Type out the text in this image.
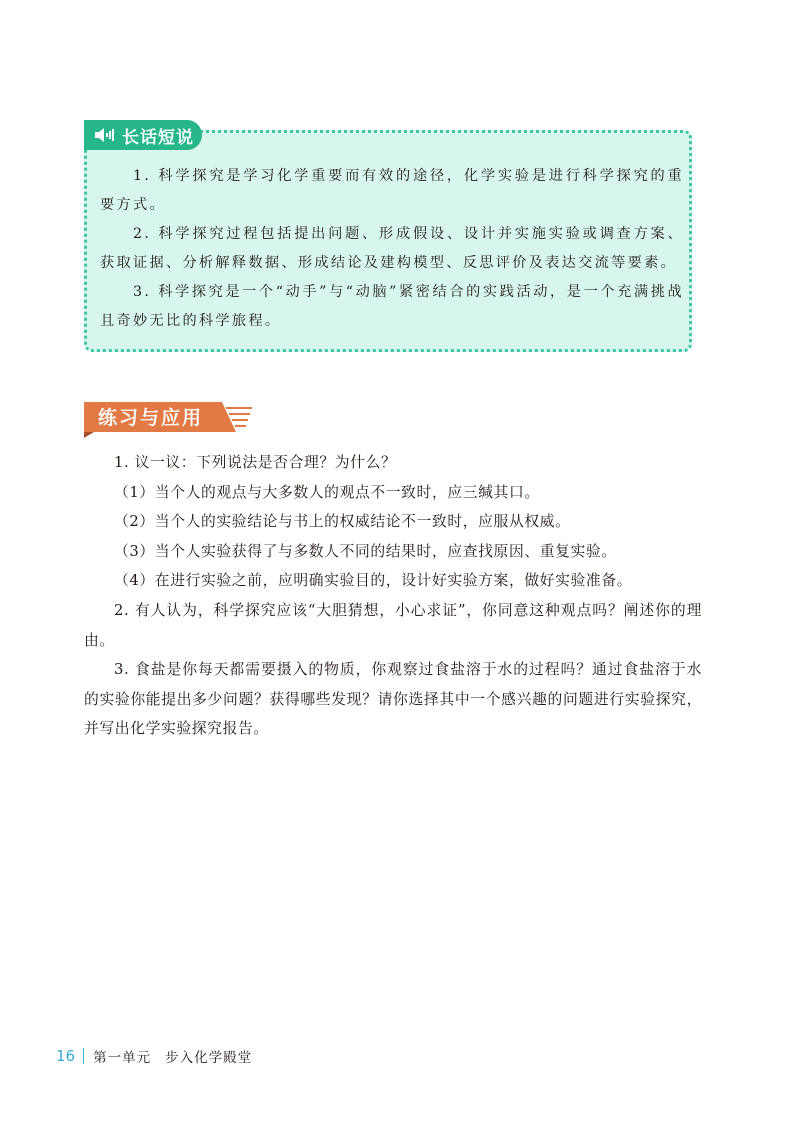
长话短说

1. 科学探究是学习化学重要而有效的途径，化学实验是进行科学探究的重要方式。

2. 科学探究过程包括提出问题、形成假设、设计并实施实验或调查方案、获取证据、分析解释数据、形成结论及建构模型、反思评价及表达交流等要素。

3. 科学探究是一个“动手”与“动脑”紧密结合的实践活动，是一个充满挑战且奇妙无比的科学旅程。

练习与应用

1. 议一议：下列说法是否合理？为什么？

（1）当个人的观点与大多数人的观点不一致时，应三缄其口。

（2）当个人的实验结论与书上的权威结论不一致时，应服从权威。

（3）当个人实验获得了与多数人不同的结果时，应查找原因、重复实验。

（4）在进行实验之前，应明确实验目的，设计好实验方案，做好实验准备。

2. 有人认为，科学探究应该“大胆猜想，小心求证”，你同意这种观点吗？阐述你的理由。

3. 食盐是你每天都需要摄入的物质，你观察过食盐溶于水的过程吗？通过食盐溶于水的实验你能提出多少问题？获得哪些发现？请你选择其中一个感兴趣的问题进行实验探究，并写出化学实验探究报告。

16 第一单元 步入化学殿堂
